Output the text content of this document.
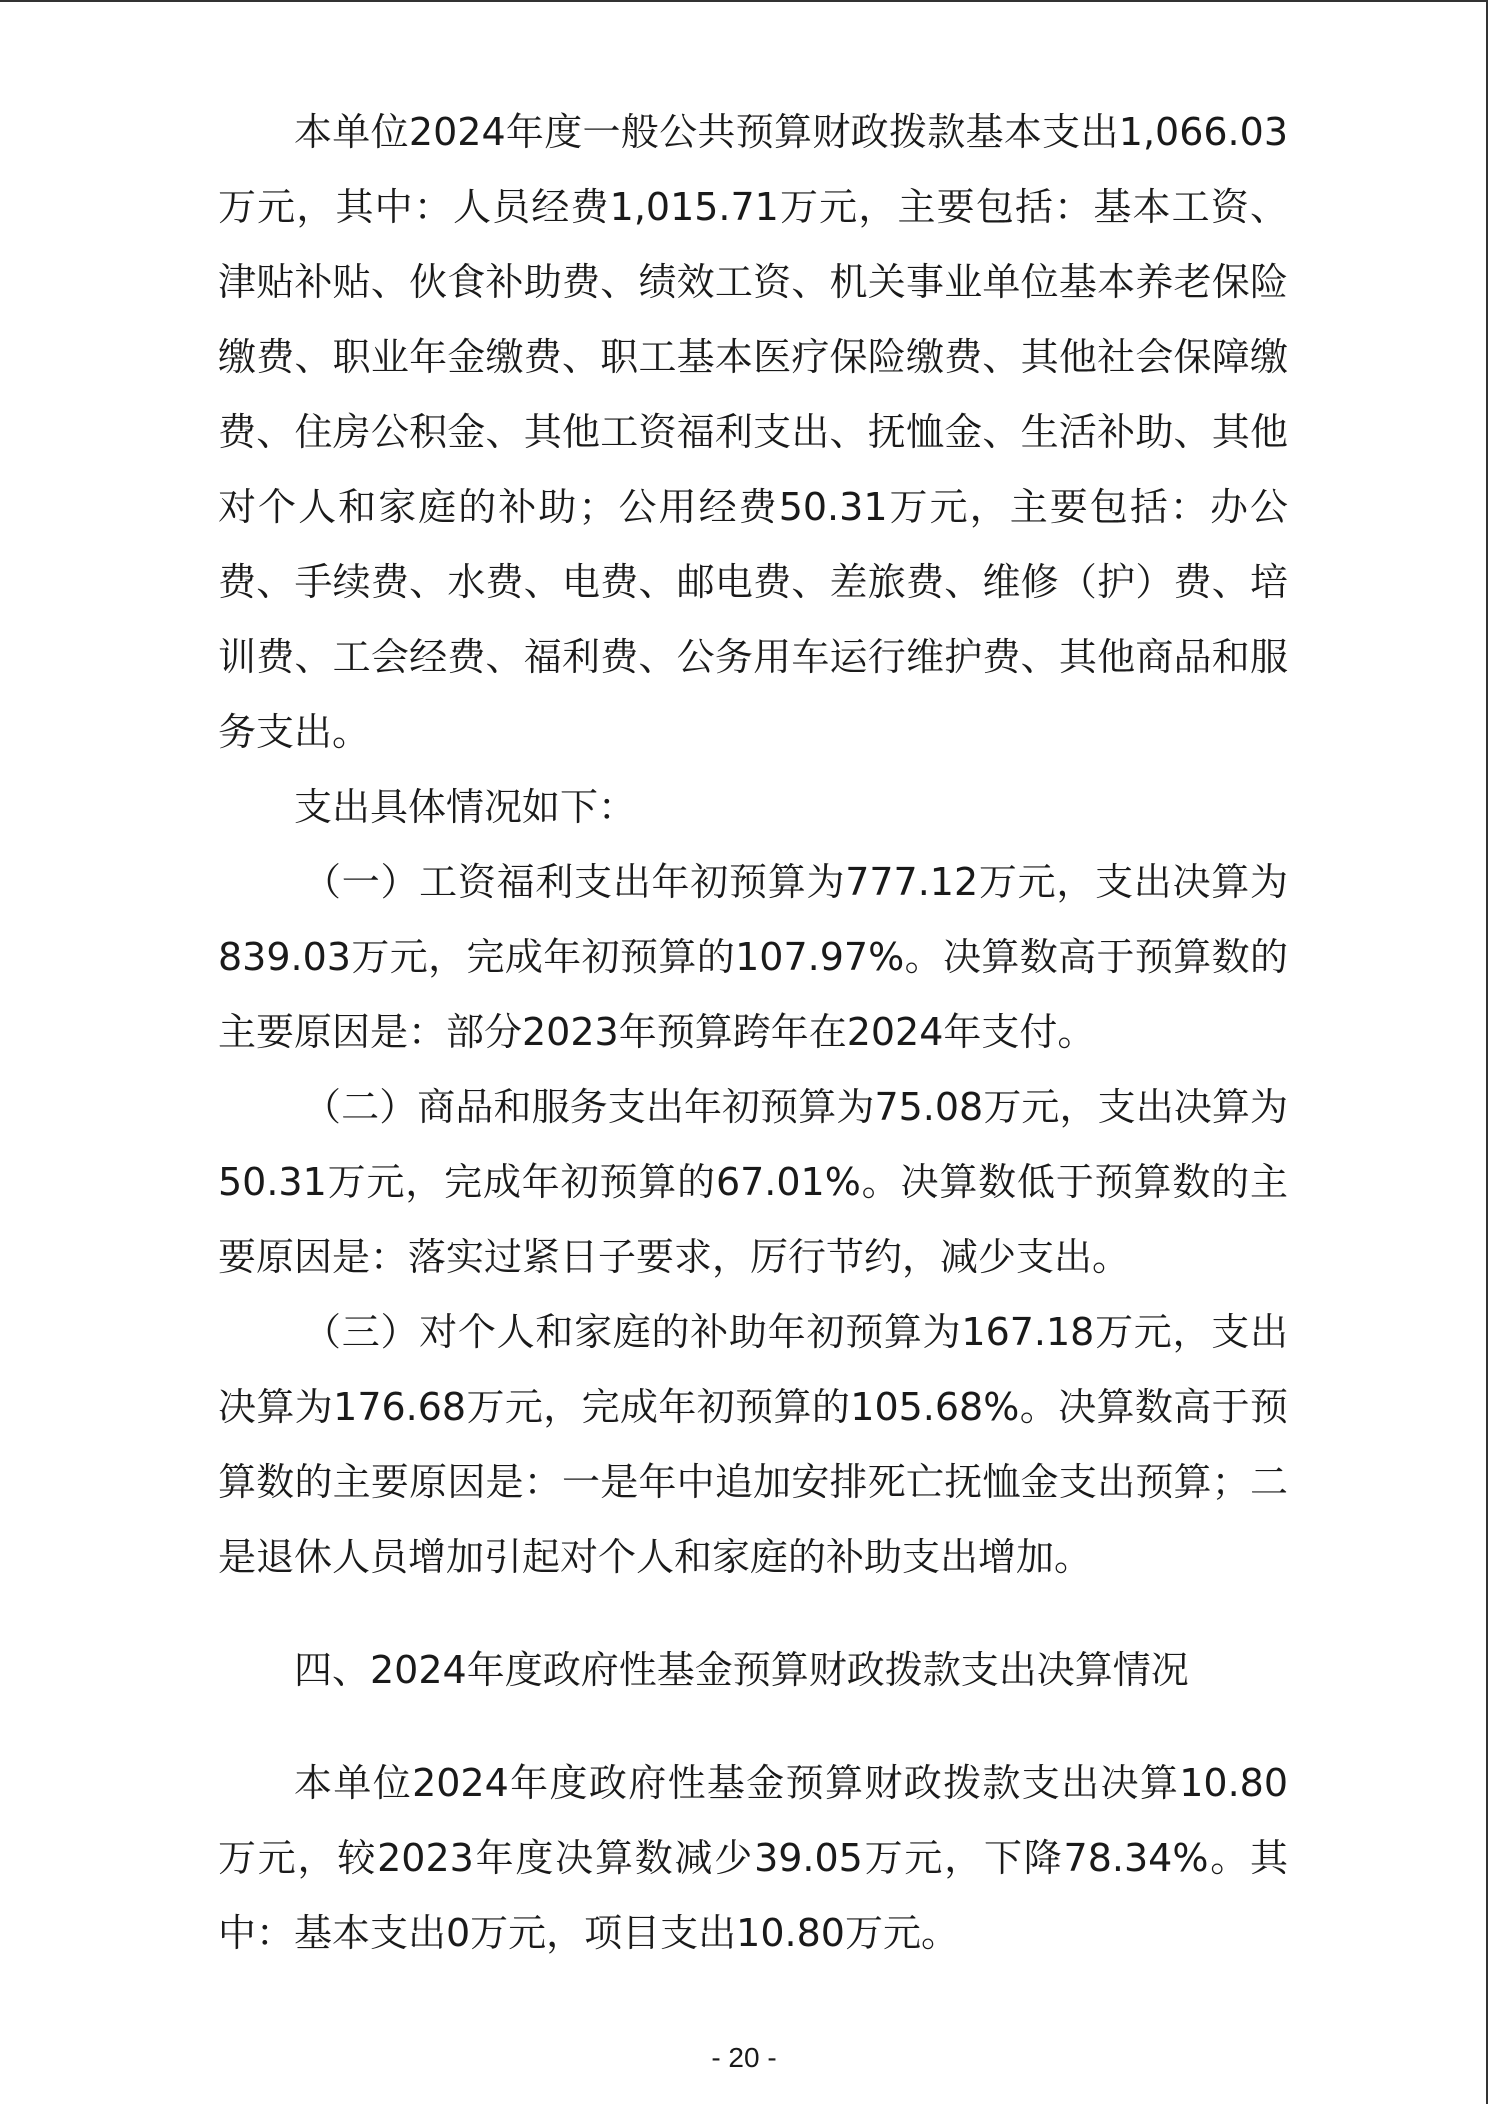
本单位2024年度一般公共预算财政拨款基本支出1,066.03万元，其中：人员经费1,015.71万元，主要包括：基本工资、津贴补贴、伙食补助费、绩效工资、机关事业单位基本养老保险缴费、职业年金缴费、职工基本医疗保险缴费、其他社会保障缴费、住房公积金、其他工资福利支出、抚恤金、生活补助、其他对个人和家庭的补助；公用经费50.31万元，主要包括：办公费、手续费、水费、电费、邮电费、差旅费、维修（护）费、培训费、工会经费、福利费、公务用车运行维护费、其他商品和服务支出。

支出具体情况如下：

（一）工资福利支出年初预算为777.12万元，支出决算为839.03万元，完成年初预算的107.97%。决算数高于预算数的主要原因是：部分2023年预算跨年在2024年支付。

（二）商品和服务支出年初预算为75.08万元，支出决算为50.31万元，完成年初预算的67.01%。决算数低于预算数的主要原因是：落实过紧日子要求，厉行节约，减少支出。

（三）对个人和家庭的补助年初预算为167.18万元，支出决算为176.68万元，完成年初预算的105.68%。决算数高于预算数的主要原因是：一是年中追加安排死亡抚恤金支出预算；二是退休人员增加引起对个人和家庭的补助支出增加。

四、2024年度政府性基金预算财政拨款支出决算情况

本单位2024年度政府性基金预算财政拨款支出决算10.80万元，较2023年度决算数减少39.05万元，下降78.34%。其中：基本支出0万元，项目支出10.80万元。

- 20 -
